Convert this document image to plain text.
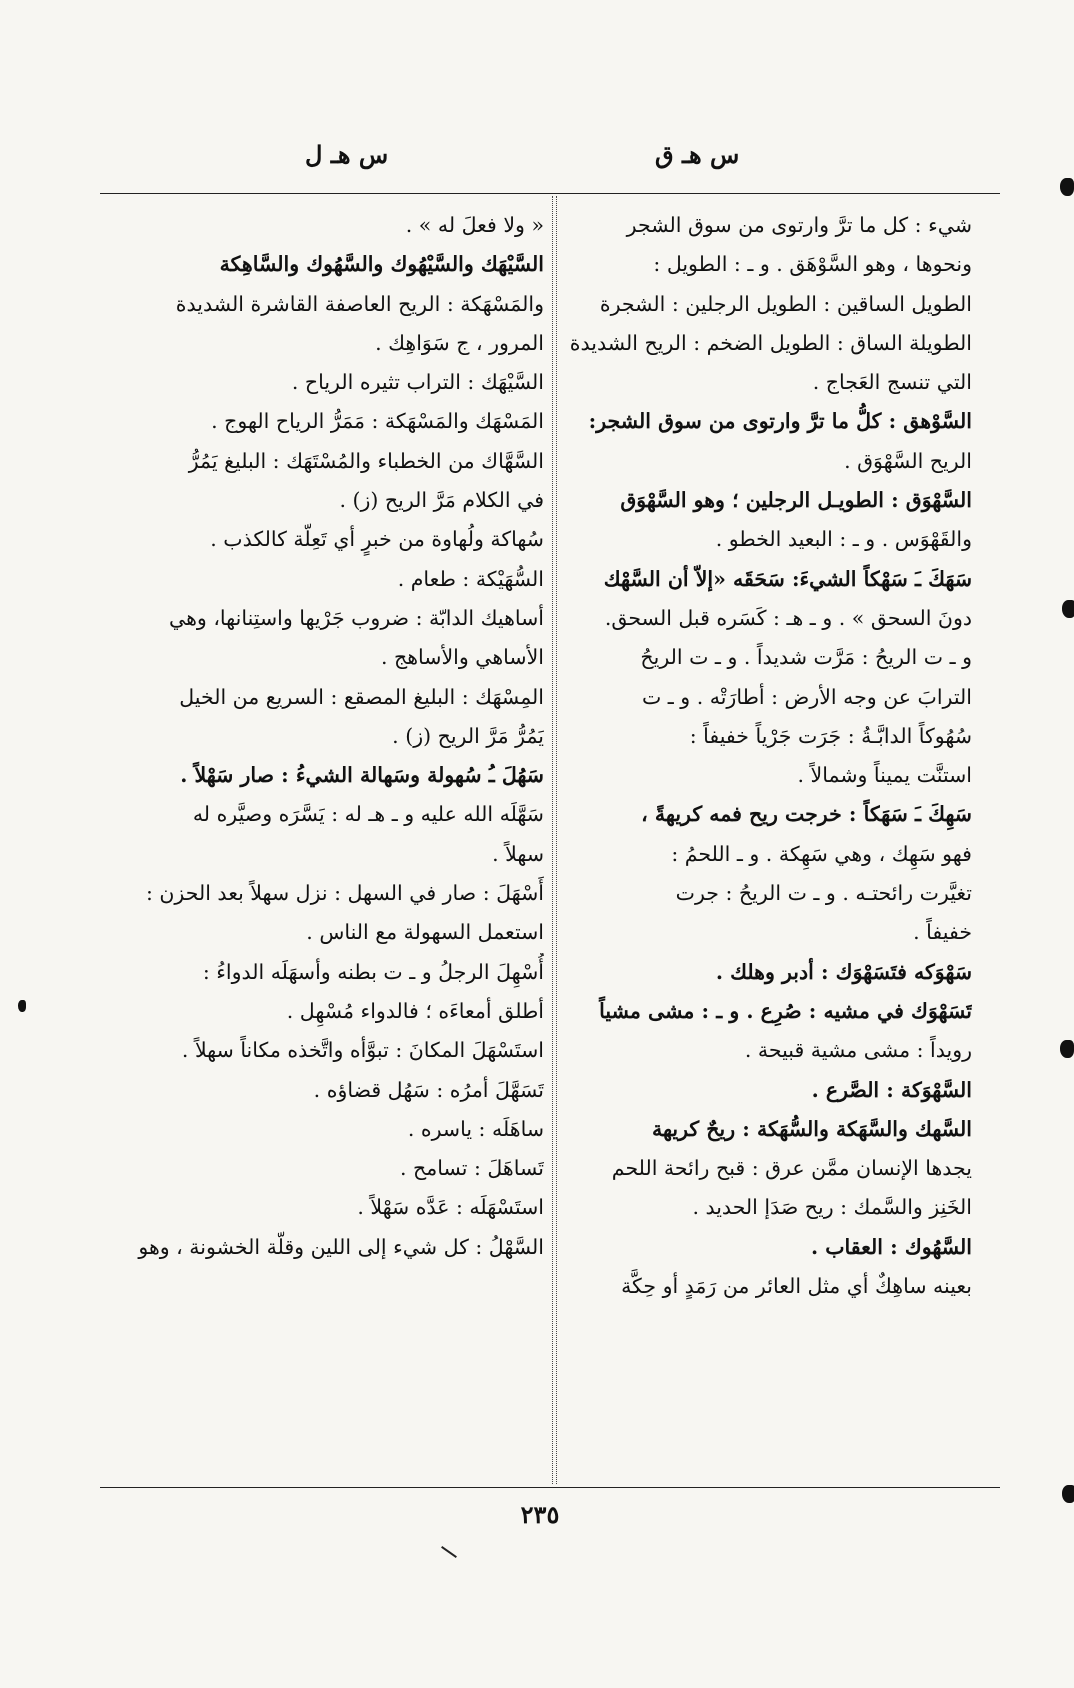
س هـ ق
س هـ ل
شيء : كل ما ترَّ وارتوى من سوق الشجر
ونحوها ، وهو السَّوْهَق . و ـ : الطويل :
الطويل الساقين : الطويل الرجلين : الشجرة
الطويلة الساق : الطويل الضخم : الريح الشديدة
التي تنسج العَجاج .
السَّوْهق : كلُّ ما ترَّ وارتوى من سوق الشجر:
الريح السَّهْوَق .
السَّهْوَق : الطويـل الرجلين ؛ وهو السَّهْوَق
والقَهْوَس . و ـ : البعيد الخطو .
سَهَكَ ـَ سَهْكاً الشيءَ: سَحَقَه «إلاّ أن السَّهْك
دونَ السحق » . و ـ هـ : كَسَره قبل السحق.
و ـ ت الريحُ : مَرَّت شديداً . و ـ ت الريحُ
الترابَ عن وجه الأرض : أطارَتْه . و ـ ت
سُهُوكاً الدابَّـةُ : جَرَت جَرْياً خفيفاً :
استنَّت يميناً وشمالاً .
سَهِكَ ـَ سَهَكاً : خرجت ريح فمه كريهةً ،
فهو سَهِك ، وهي سَهِكة . و ـ اللحمُ :
تغيَّرت رائحتـه . و ـ ت الريحُ : جرت
خفيفاً .
سَهْوَكه فتَسَهْوَك : أدبر وهلك .
تَسَهْوَك في مشيه : صُرِع . و ـ : مشى مشياً
رويداً : مشى مشية قبيحة .
السَّهْوَكة : الصَّرع .
السَّهك والسَّهَكة والسُّهَكة : ريحٌ كريهة
يجدها الإنسان ممَّن عرق : قبح رائحة اللحم
الخَنِز والسَّمك : ريح صَدَإ الحديد .
السَّهُوك : العقاب .
بعينه ساهِكٌ أي مثل العائر من رَمَدٍ أو حِكَّة
« ولا فعلَ له » .
السَّيْهَك والسَّيْهُوك والسَّهُوك والسَّاهِكة
والمَسْهَكة : الريح العاصفة القاشرة الشديدة
المرور ، ج سَوَاهِك .
السَّيْهَك : التراب تثيره الرياح .
المَسْهَك والمَسْهَكة : مَمَرُّ الرياح الهوج .
السَّهَّاك من الخطباء والمُسْتَهَك : البليغ يَمُرُّ
في الكلام مَرَّ الريح (ز) .
سُهاكة ولُهاوة من خبرٍ أي تَعِلّة كالكذب .
السُّهَيْكة : طعام .
أساهيك الدابّة : ضروب جَرْيها واستِنانها، وهي
الأساهي والأساهج .
المِسْهَك : البليغ المصقع : السريع من الخيل
يَمُرُّ مَرَّ الريح (ز) .
سَهُلَ ـُ سُهولة وسَهالة الشيءُ : صار سَهْلاً .
سَهَّلَه الله عليه و ـ هـ له : يَسَّرَه وصيَّره له
سهلاً .
أَسْهَلَ : صار في السهل : نزل سهلاً بعد الحزن :
استعمل السهولة مع الناس .
أُسْهِلَ الرجلُ و ـ ت بطنه وأسهَلَه الدواءُ :
أطلق أمعاءَه ؛ فالدواء مُسْهِل .
استَسْهَلَ المكانَ : تبوَّأه واتَّخذه مكاناً سهلاً .
تَسَهَّلَ أمرُه : سَهُل قضاؤه .
ساهَلَه : ياسره .
تَساهَلَ : تسامح .
استَسْهَلَه : عَدَّه سَهْلاً .
السَّهْلُ : كل شيء إلى اللين وقلّة الخشونة ، وهو
٢٣٥
